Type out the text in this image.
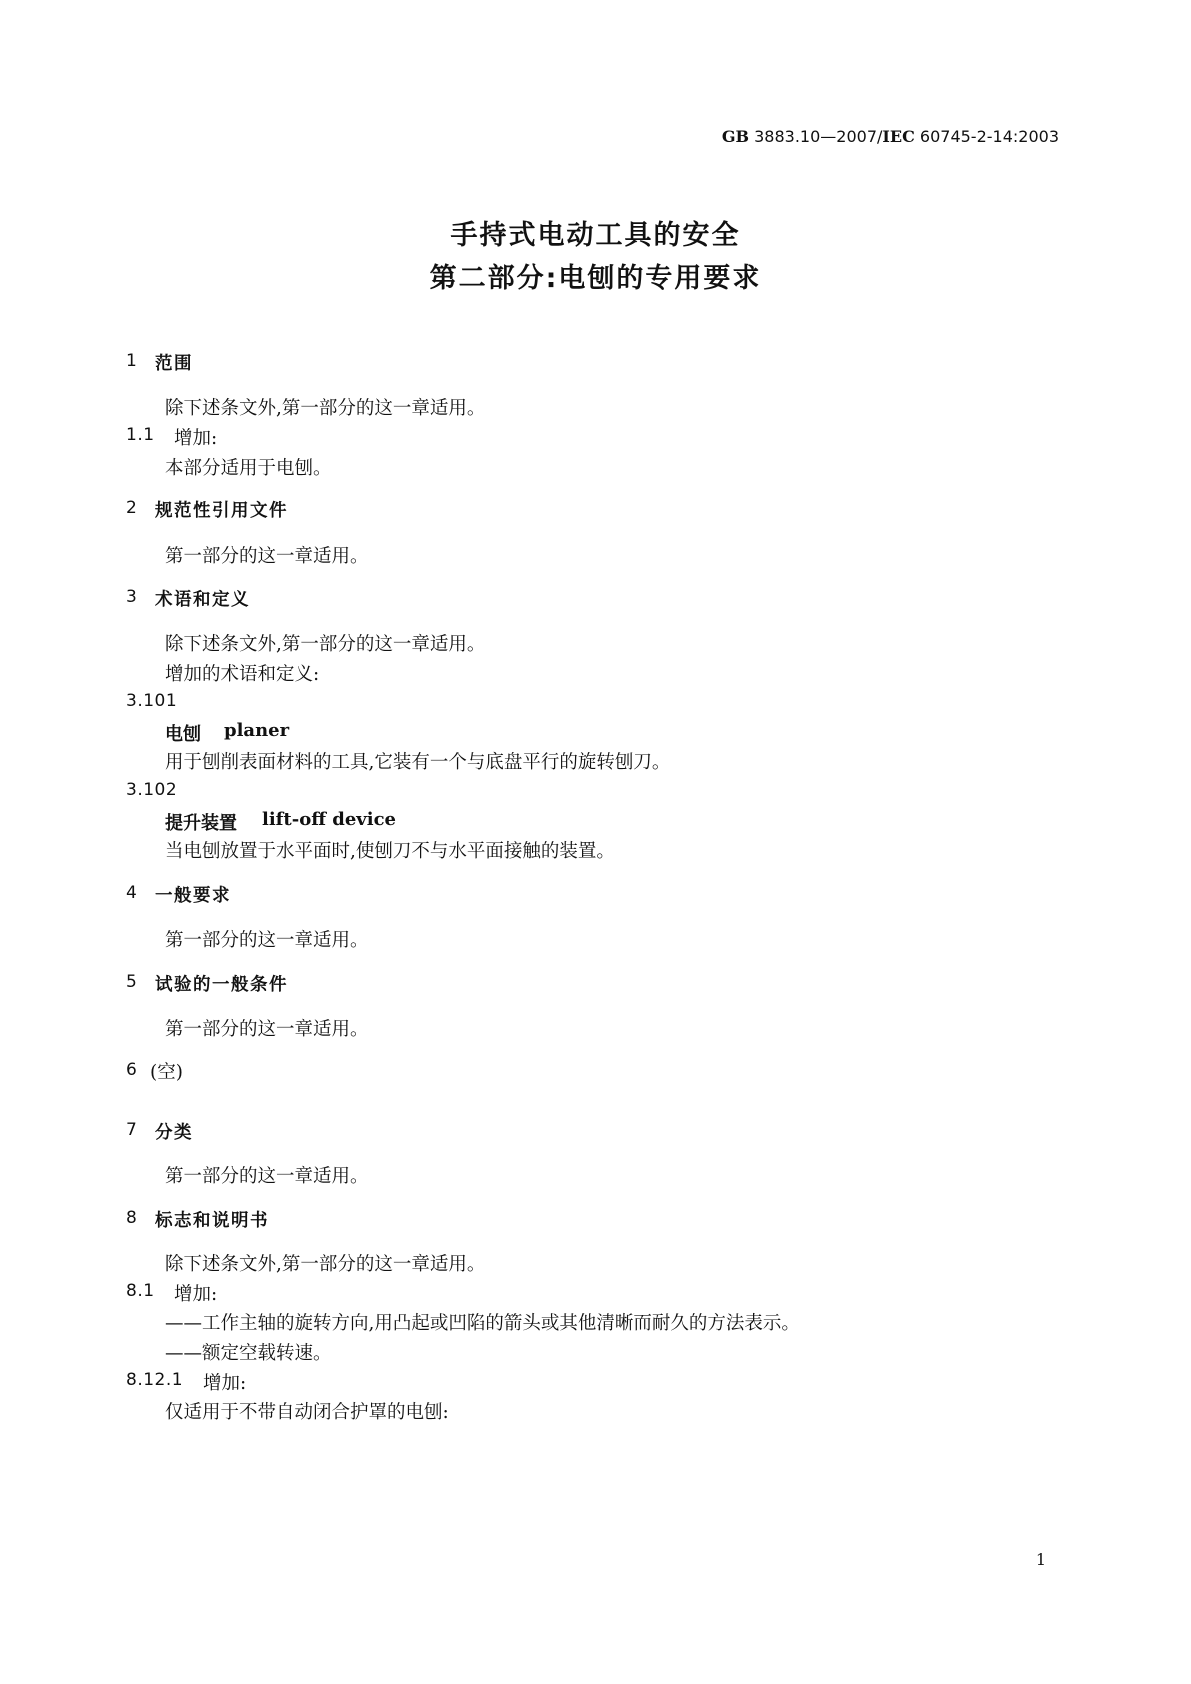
GB 3883.10—2007/IEC 60745-2-14:2003
手持式电动工具的安全
第二部分:电刨的专用要求
1 范围
除下述条文外,第一部分的这一章适用。
1.1 增加:
本部分适用于电刨。
2 规范性引用文件
第一部分的这一章适用。
3 术语和定义
除下述条文外,第一部分的这一章适用。
增加的术语和定义:
3.101
电刨 planer
用于刨削表面材料的工具,它装有一个与底盘平行的旋转刨刀。
3.102
提升装置 lift-off device
当电刨放置于水平面时,使刨刀不与水平面接触的装置。
4 一般要求
第一部分的这一章适用。
5 试验的一般条件
第一部分的这一章适用。
6 (空)
7 分类
第一部分的这一章适用。
8 标志和说明书
除下述条文外,第一部分的这一章适用。
8.1 增加:
——工作主轴的旋转方向,用凸起或凹陷的箭头或其他清晰而耐久的方法表示。
——额定空载转速。
8.12.1 增加:
仅适用于不带自动闭合护罩的电刨:
1
